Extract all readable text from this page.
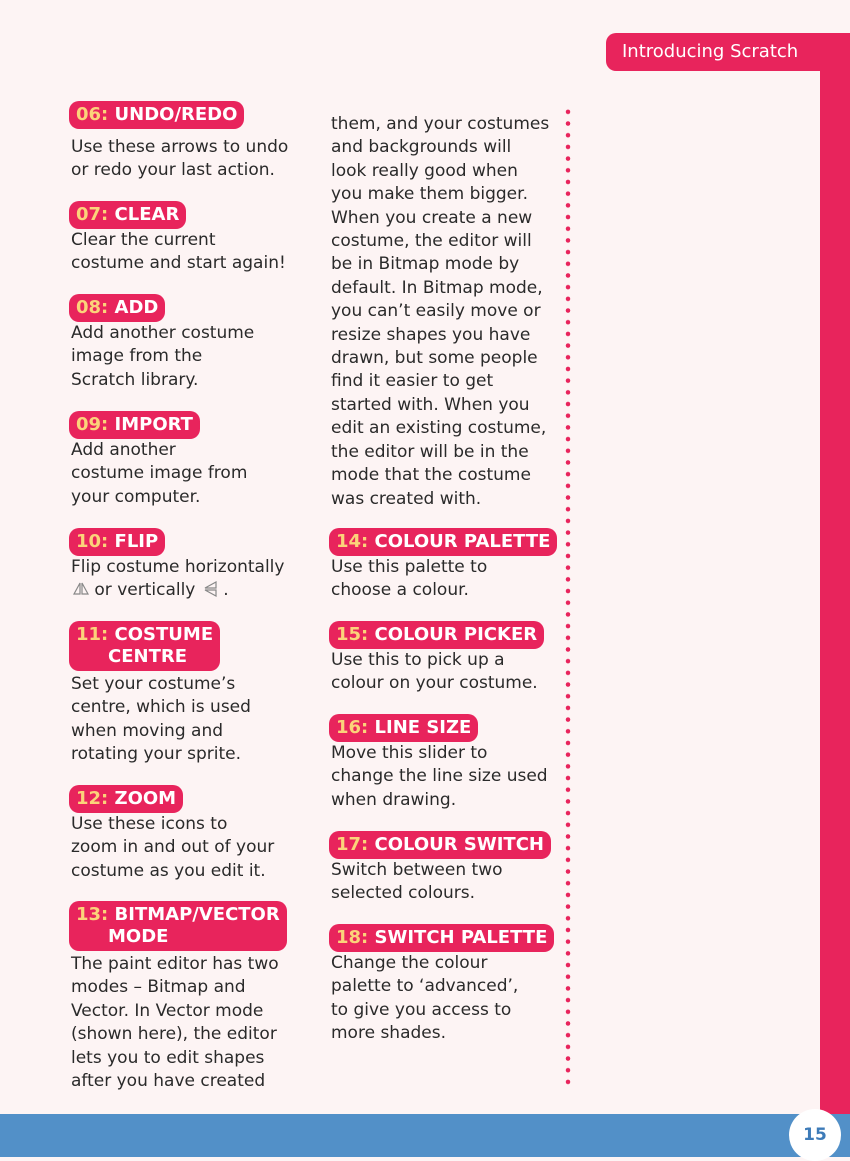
Introducing Scratch
15
06: UNDO/REDO

Use these arrows to undo
or redo your last action.

07: CLEAR

Clear the current
costume and start again!

08: ADD

Add another costume
image from the
Scratch library.

09: IMPORT

Add another
costume image from
your computer.

10: FLIP

Flip costume horizontally
or vertically .

11: COSTUME
CENTRE

Set your costume’s
centre, which is used
when moving and
rotating your sprite.

12: ZOOM

Use these icons to
zoom in and out of your
costume as you edit it.

13: BITMAP/VECTOR
MODE

The paint editor has two
modes – Bitmap and
Vector. In Vector mode
(shown here), the editor
lets you to edit shapes
after you have created

them, and your costumes
and backgrounds will
look really good when
you make them bigger.
When you create a new
costume, the editor will
be in Bitmap mode by
default. In Bitmap mode,
you can’t easily move or
resize shapes you have
drawn, but some people
find it easier to get
started with. When you
edit an existing costume,
the editor will be in the
mode that the costume
was created with.

14: COLOUR PALETTE

Use this palette to
choose a colour.

15: COLOUR PICKER

Use this to pick up a
colour on your costume.

16: LINE SIZE

Move this slider to
change the line size used
when drawing.

17: COLOUR SWITCH

Switch between two
selected colours.

18: SWITCH PALETTE

Change the colour
palette to ‘advanced’,
to give you access to
more shades.
